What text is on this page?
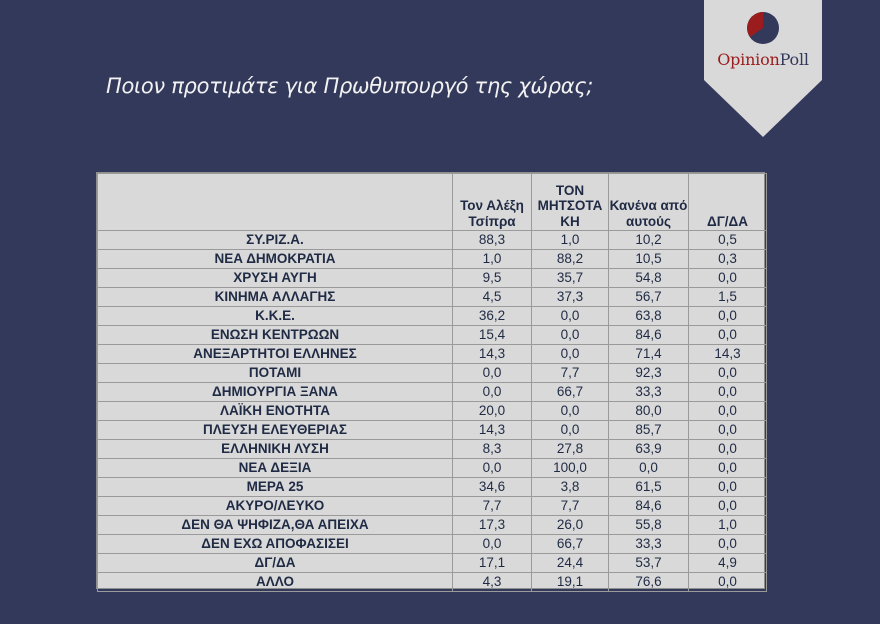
Ποιον προτιμάτε για Πρωθυπουργό της χώρας;
OpinionPoll
	Τον Αλέξη Τσίπρα	ΤΟΝ ΜΗΤΣΟΤΑ ΚΗ	Κανένα από αυτούς	ΔΓ/ΔΑ
ΣΥ.ΡΙΖ.Α.	88,3	1,0	10,2	0,5
ΝΕΑ ΔΗΜΟΚΡΑΤΙΑ	1,0	88,2	10,5	0,3
ΧΡΥΣΗ ΑΥΓΗ	9,5	35,7	54,8	0,0
ΚΙΝΗΜΑ ΑΛΛΑΓΗΣ	4,5	37,3	56,7	1,5
Κ.Κ.Ε.	36,2	0,0	63,8	0,0
ΕΝΩΣΗ ΚΕΝΤΡΩΩΝ	15,4	0,0	84,6	0,0
ΑΝΕΞΑΡΤΗΤΟΙ ΕΛΛΗΝΕΣ	14,3	0,0	71,4	14,3
ΠΟΤΑΜΙ	0,0	7,7	92,3	0,0
ΔΗΜΙΟΥΡΓΙΑ ΞΑΝΑ	0,0	66,7	33,3	0,0
ΛΑΪΚΗ ΕΝΟΤΗΤΑ	20,0	0,0	80,0	0,0
ΠΛΕΥΣΗ ΕΛΕΥΘΕΡΙΑΣ	14,3	0,0	85,7	0,0
ΕΛΛΗΝΙΚΗ ΛΥΣΗ	8,3	27,8	63,9	0,0
ΝΕΑ ΔΕΞΙΑ	0,0	100,0	0,0	0,0
ΜΕΡΑ 25	34,6	3,8	61,5	0,0
ΑΚΥΡΟ/ΛΕΥΚΟ	7,7	7,7	84,6	0,0
ΔΕΝ ΘΑ ΨΗΦΙΖΑ,ΘΑ ΑΠΕΙΧΑ	17,3	26,0	55,8	1,0
ΔΕΝ ΕΧΩ ΑΠΟΦΑΣΙΣΕΙ	0,0	66,7	33,3	0,0
ΔΓ/ΔΑ	17,1	24,4	53,7	4,9
ΑΛΛΟ	4,3	19,1	76,6	0,0
